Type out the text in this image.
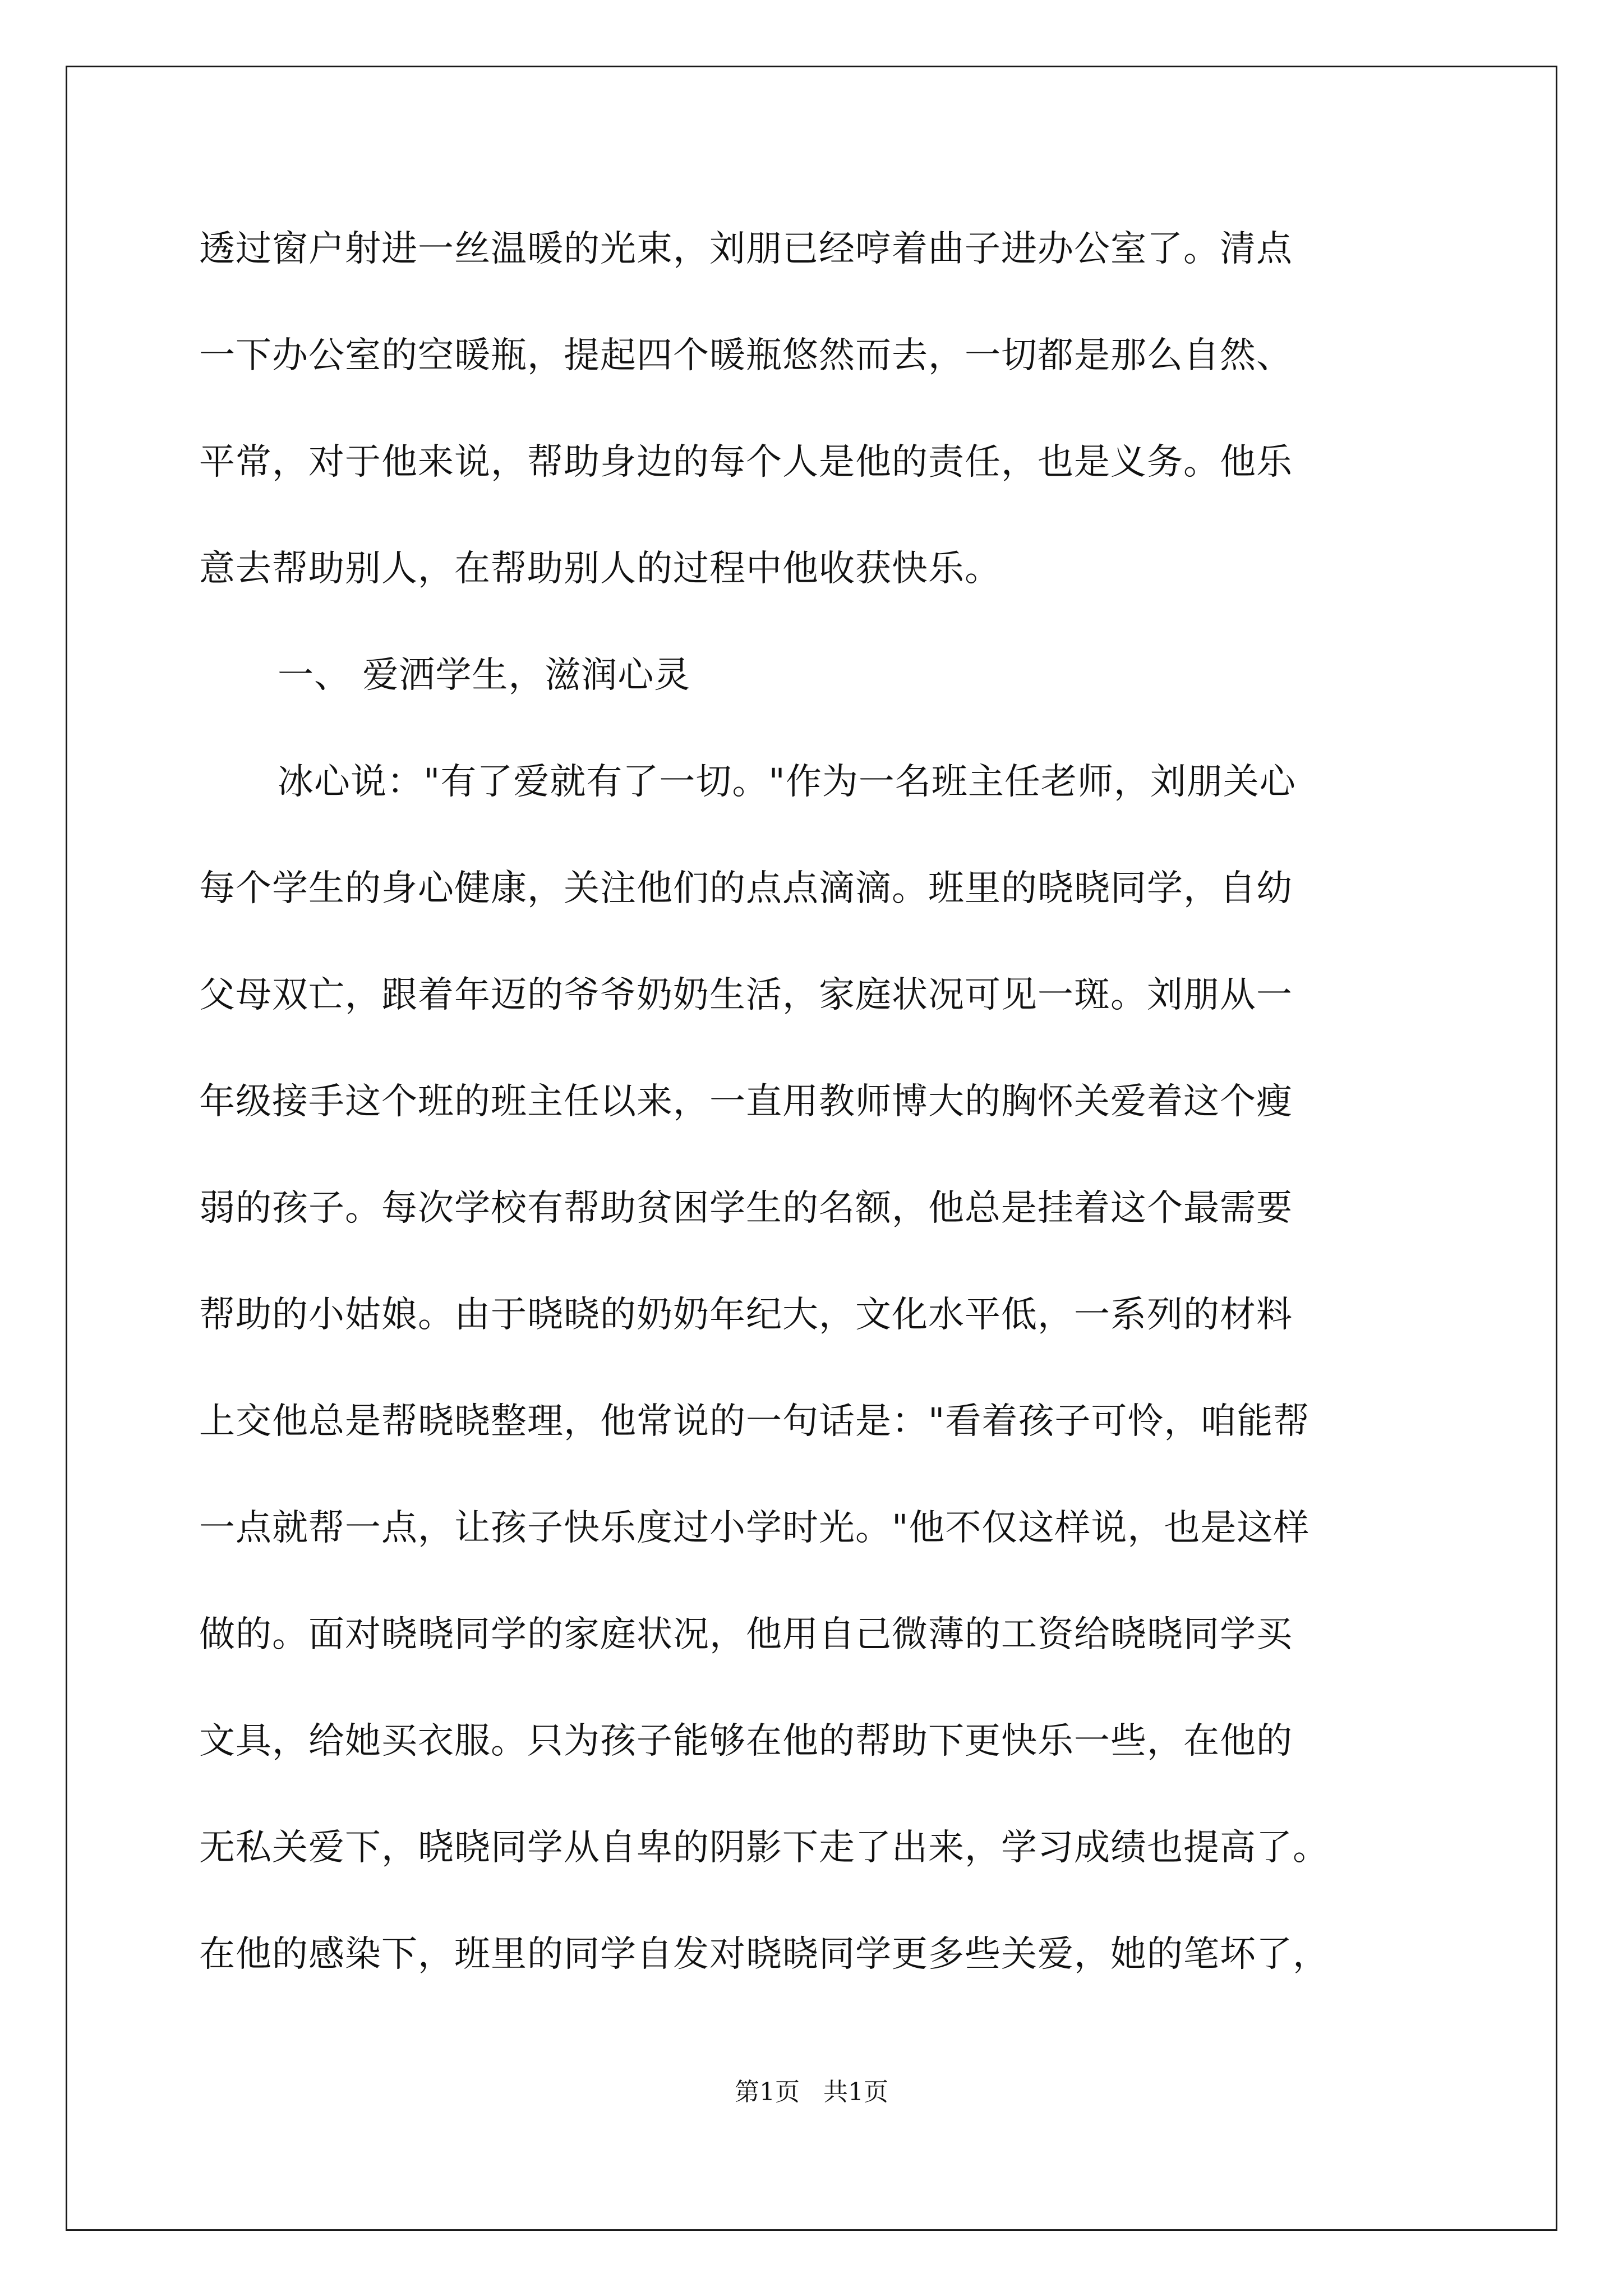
透过窗户射进一丝温暖的光束，刘朋已经哼着曲子进办公室了。清点
一下办公室的空暖瓶，提起四个暖瓶悠然而去，一切都是那么自然、
平常，对于他来说，帮助身边的每个人是他的责任，也是义务。他乐
意去帮助别人，在帮助别人的过程中他收获快乐。
一、 爱洒学生，滋润心灵
冰心说："有了爱就有了一切。"作为一名班主任老师，刘朋关心
每个学生的身心健康，关注他们的点点滴滴。班里的晓晓同学，自幼
父母双亡，跟着年迈的爷爷奶奶生活，家庭状况可见一斑。刘朋从一
年级接手这个班的班主任以来，一直用教师博大的胸怀关爱着这个瘦
弱的孩子。每次学校有帮助贫困学生的名额，他总是挂着这个最需要
帮助的小姑娘。由于晓晓的奶奶年纪大，文化水平低，一系列的材料
上交他总是帮晓晓整理，他常说的一句话是："看着孩子可怜，咱能帮
一点就帮一点，让孩子快乐度过小学时光。"他不仅这样说，也是这样
做的。面对晓晓同学的家庭状况，他用自己微薄的工资给晓晓同学买
文具，给她买衣服。只为孩子能够在他的帮助下更快乐一些，在他的
无私关爱下，晓晓同学从自卑的阴影下走了出来，学习成绩也提高了。
在他的感染下，班里的同学自发对晓晓同学更多些关爱，她的笔坏了，
第1页   共1页
